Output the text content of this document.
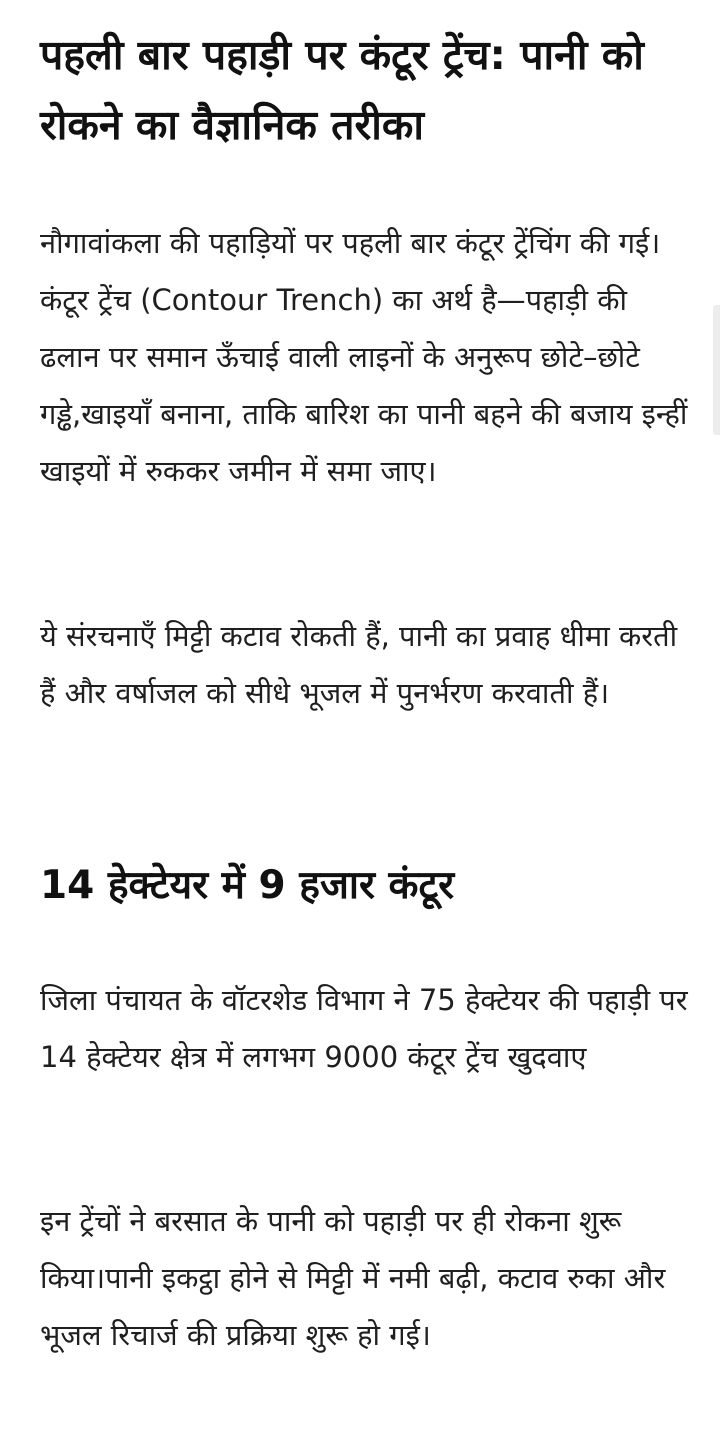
पहली बार पहाड़ी पर कंटूर ट्रेंच: पानी को रोकने का वैज्ञानिक तरीका

नौगावांकला की पहाड़ियों पर पहली बार कंटूर ट्रेंचिंग की गई।कंटूर ट्रेंच (Contour Trench) का अर्थ है—पहाड़ी की ढलान पर समान ऊँचाई वाली लाइनों के अनुरूप छोटे–छोटे गड्ढे,खाइयाँ बनाना, ताकि बारिश का पानी बहने की बजाय इन्हीं खाइयों में रुककर जमीन में समा जाए।

ये संरचनाएँ मिट्टी कटाव रोकती हैं, पानी का प्रवाह धीमा करती हैं और वर्षाजल को सीधे भूजल में पुनर्भरण करवाती हैं।

14 हेक्टेयर में 9 हजार कंटूर

जिला पंचायत के वॉटरशेड विभाग ने 75 हेक्टेयर की पहाड़ी पर 14 हेक्टेयर क्षेत्र में लगभग 9000 कंटूर ट्रेंच खुदवाए

इन ट्रेंचों ने बरसात के पानी को पहाड़ी पर ही रोकना शुरू किया।पानी इकट्ठा होने से मिट्टी में नमी बढ़ी, कटाव रुका और भूजल रिचार्ज की प्रक्रिया शुरू हो गई।
